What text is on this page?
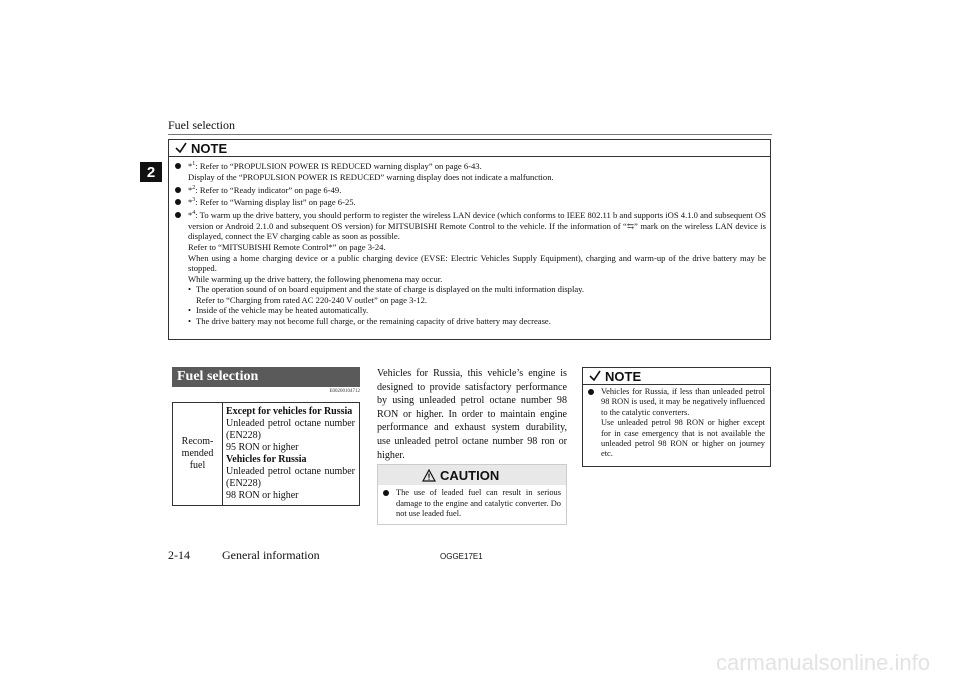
Fuel selection
2
NOTE
*$^1$: Refer to “PROPULSION POWER IS REDUCED warning display” on page 6-43.
Display of the “PROPULSION POWER IS REDUCED” warning display does not indicate a malfunction.
*$^2$: Refer to “Ready indicator” on page 6-49.
*$^3$: Refer to “Warning display list” on page 6-25.
*$^4$: To warm up the drive battery, you should perform to register the wireless LAN device (which conforms to IEEE 802.11 b and supports iOS 4.1.0 and subsequent OS version or Android 2.1.0 and subsequent OS version) for MITSUBISHI Remote Control to the vehicle. If the information of “⇆” mark on the wireless LAN device is displayed, connect the EV charging cable as soon as possible.
Refer to “MITSUBISHI Remote Control*” on page 3-24.
When using a home charging device or a public charging device (EVSE: Electric Vehicles Supply Equipment), charging and warm-up of the drive battery may be stopped.
While warming up the drive battery, the following phenomena may occur.
• The operation sound of on board equipment and the state of charge is displayed on the multi information display.
Refer to “Charging from rated AC 220-240 V outlet” on page 3-12.
• Inside of the vehicle may be heated automatically.
• The drive battery may not become full charge, or the remaining capacity of drive battery may decrease.
Fuel selection
E00200104712
Recom-
mended
fuel
Except for vehicles for Russia
Unleaded petrol octane number (EN228)
95 RON or higher
Vehicles for Russia
Unleaded petrol octane number (EN228)
98 RON or higher
Vehicles for Russia, this vehicle’s engine is designed to provide satisfactory performance by using unleaded petrol octane number 98 RON or higher. In order to maintain engine performance and exhaust system durability, use unleaded petrol octane number 98 ron or higher.
CAUTION
The use of leaded fuel can result in serious damage to the engine and catalytic converter. Do not use leaded fuel.
NOTE
Vehicles for Russia, if less than unleaded petrol 98 RON is used, it may be negatively influenced to the catalytic converters.
Use unleaded petrol 98 RON or higher except for in case emergency that is not available the unleaded petrol 98 RON or higher on journey etc.
2-14	General information	OGGE17E1
carmanualsonline.info
